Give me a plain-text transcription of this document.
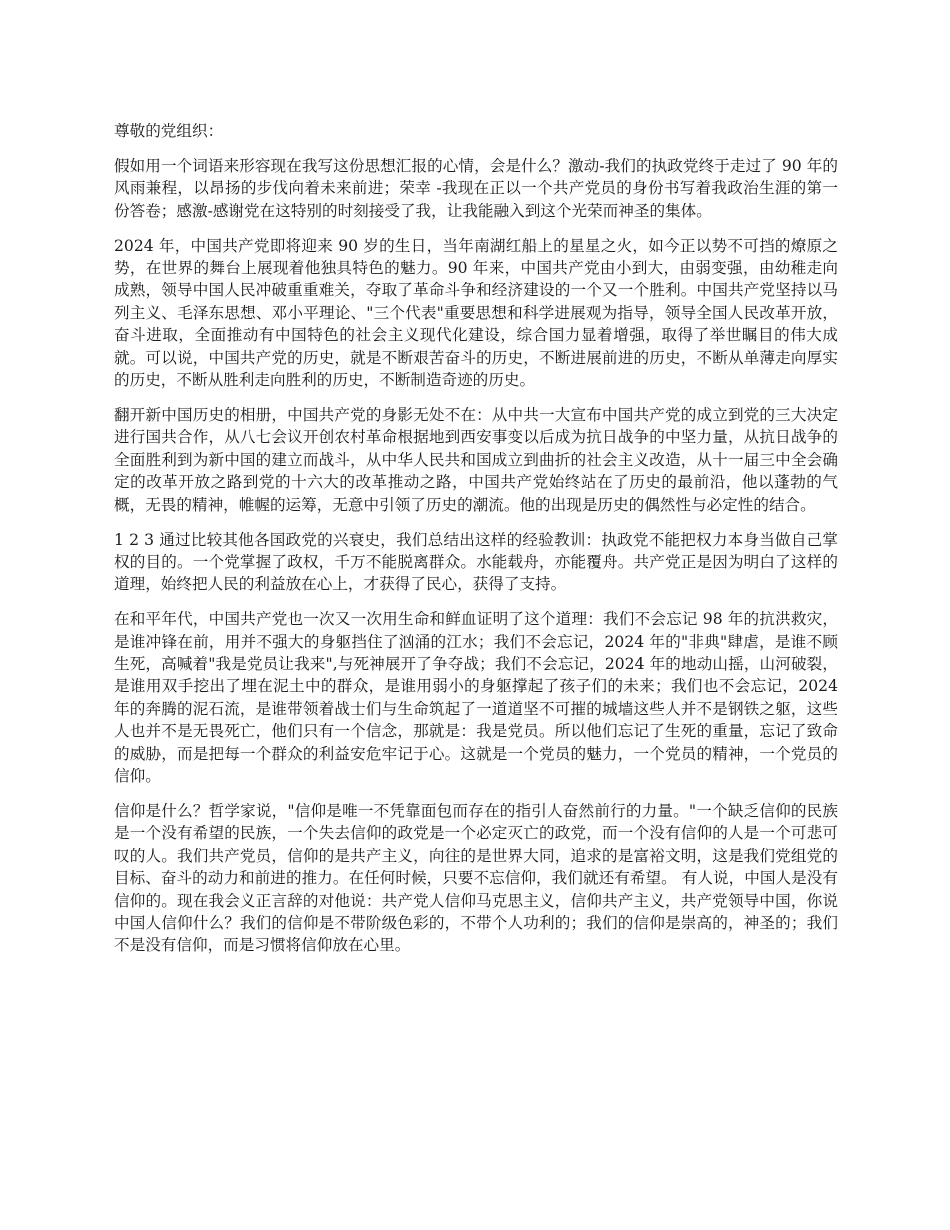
尊敬的党组织：

假如用一个词语来形容现在我写这份思想汇报的心情，会是什么？激动-我们的执政党终于走过了 90 年的风雨兼程，以昂扬的步伐向着未来前进；荣幸 -我现在正以一个共产党员的身份书写着我政治生涯的第一份答卷；感激-感谢党在这特别的时刻接受了我，让我能融入到这个光荣而神圣的集体。

2024 年，中国共产党即将迎来 90 岁的生日，当年南湖红船上的星星之火，如今正以势不可挡的燎原之势，在世界的舞台上展现着他独具特色的魅力。90 年来，中国共产党由小到大，由弱变强，由幼稚走向成熟，领导中国人民冲破重重难关，夺取了革命斗争和经济建设的一个又一个胜利。中国共产党坚持以马列主义、毛泽东思想、邓小平理论、"三个代表"重要思想和科学进展观为指导，领导全国人民改革开放，奋斗进取，全面推动有中国特色的社会主义现代化建设，综合国力显着增强，取得了举世瞩目的伟大成就。可以说，中国共产党的历史，就是不断艰苦奋斗的历史，不断进展前进的历史，不断从单薄走向厚实的历史，不断从胜利走向胜利的历史，不断制造奇迹的历史。

翻开新中国历史的相册，中国共产党的身影无处不在：从中共一大宣布中国共产党的成立到党的三大决定进行国共合作，从八七会议开创农村革命根据地到西安事变以后成为抗日战争的中坚力量，从抗日战争的全面胜利到为新中国的建立而战斗，从中华人民共和国成立到曲折的社会主义改造，从十一届三中全会确定的改革开放之路到党的十六大的改革推动之路，中国共产党始终站在了历史的最前沿，他以蓬勃的气概，无畏的精神，帷幄的运筹，无意中引领了历史的潮流。他的出现是历史的偶然性与必定性的结合。

1 2 3 通过比较其他各国政党的兴衰史，我们总结出这样的经验教训：执政党不能把权力本身当做自己掌权的目的。一个党掌握了政权，千万不能脱离群众。水能载舟，亦能覆舟。共产党正是因为明白了这样的道理，始终把人民的利益放在心上，才获得了民心，获得了支持。

在和平年代，中国共产党也一次又一次用生命和鲜血证明了这个道理：我们不会忘记 98 年的抗洪救灾，是谁冲锋在前，用并不强大的身躯挡住了汹涌的江水；我们不会忘记，2024 年的"非典"肆虐，是谁不顾生死，高喊着"我是党员让我来",与死神展开了争夺战；我们不会忘记，2024 年的地动山摇，山河破裂，是谁用双手挖出了埋在泥土中的群众，是谁用弱小的身躯撑起了孩子们的未来；我们也不会忘记，2024 年的奔腾的泥石流，是谁带领着战士们与生命筑起了一道道坚不可摧的城墙这些人并不是钢铁之躯，这些人也并不是无畏死亡，他们只有一个信念，那就是：我是党员。所以他们忘记了生死的重量，忘记了致命的威胁，而是把每一个群众的利益安危牢记于心。这就是一个党员的魅力，一个党员的精神，一个党员的信仰。

信仰是什么？哲学家说，"信仰是唯一不凭靠面包而存在的指引人奋然前行的力量。"一个缺乏信仰的民族是一个没有希望的民族，一个失去信仰的政党是一个必定灭亡的政党，而一个没有信仰的人是一个可悲可叹的人。我们共产党员，信仰的是共产主义，向往的是世界大同，追求的是富裕文明，这是我们党组党的目标、奋斗的动力和前进的推力。在任何时候，只要不忘信仰，我们就还有希望。 有人说，中国人是没有信仰的。现在我会义正言辞的对他说：共产党人信仰马克思主义，信仰共产主义，共产党领导中国，你说中国人信仰什么？我们的信仰是不带阶级色彩的，不带个人功利的；我们的信仰是崇高的，神圣的；我们不是没有信仰，而是习惯将信仰放在心里。
